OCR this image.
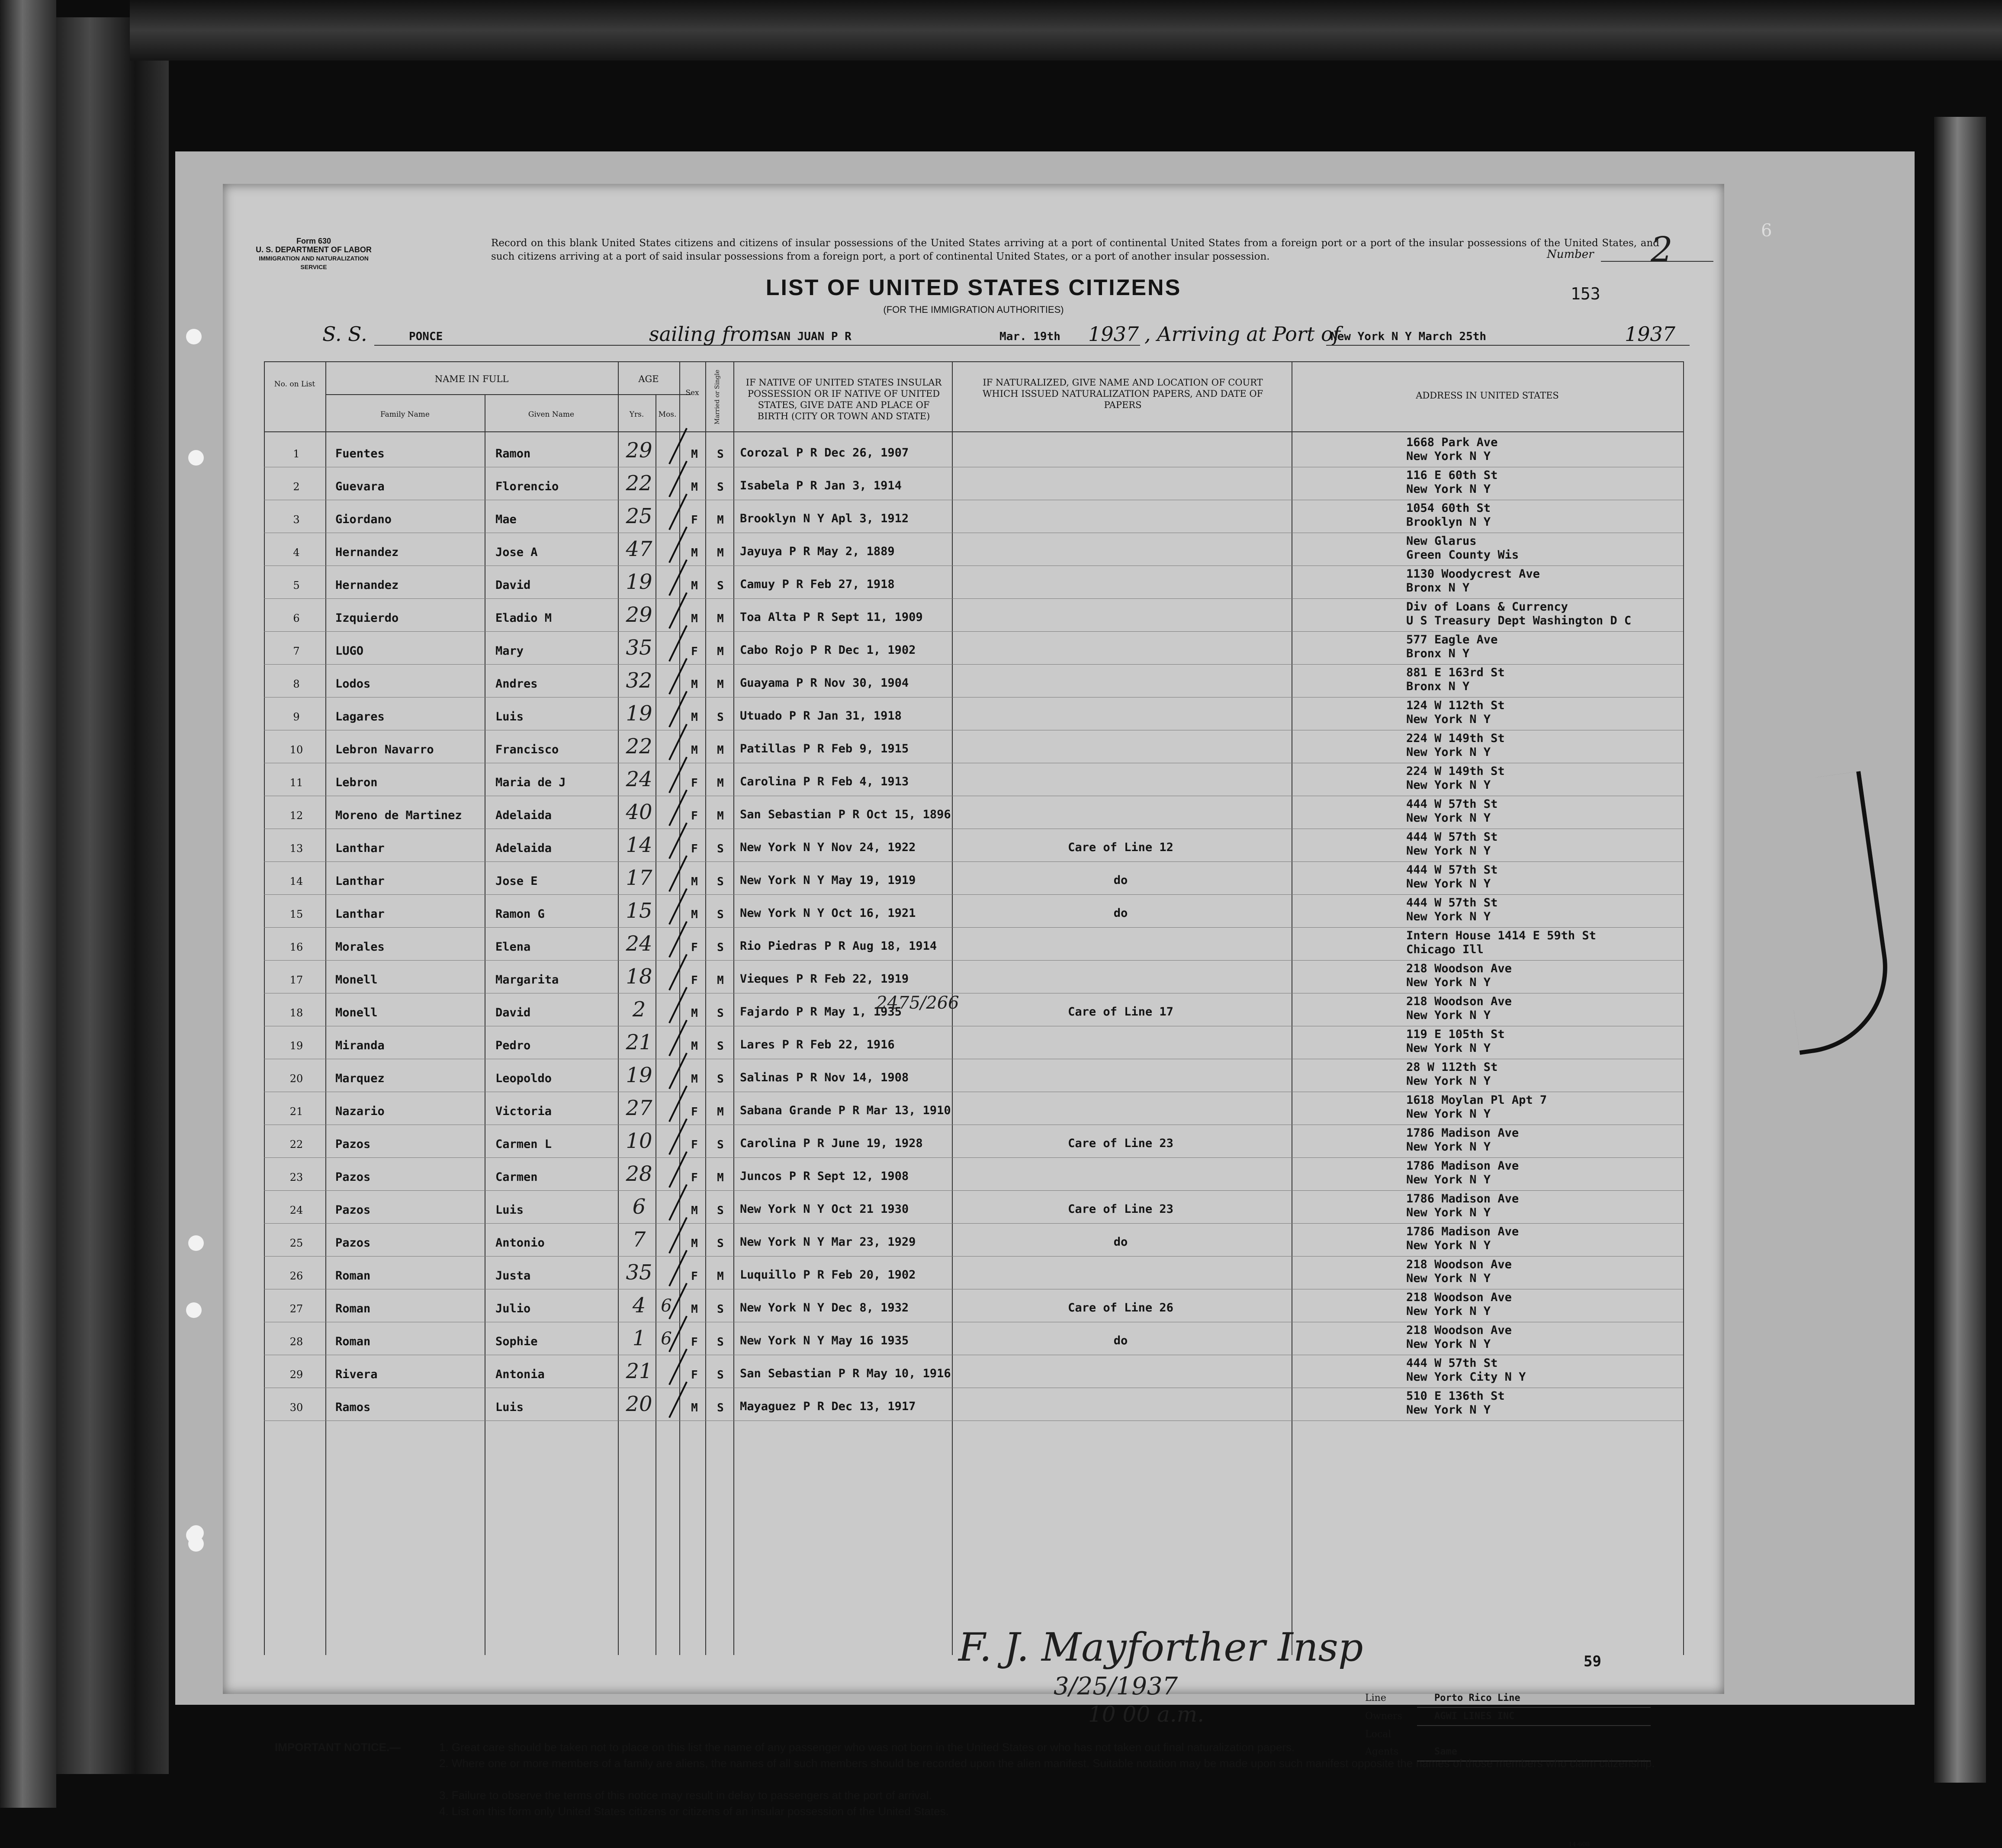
6
Form 630
U. S. DEPARTMENT OF LABOR
IMMIGRATION AND NATURALIZATION SERVICE
Record on this blank United States citizens and citizens of insular possessions of the United States arriving at a port of continental United States from a foreign port or a port of the insular possessions of the United States, and such citizens arriving at a port of said insular possessions from a foreign port, a port of continental United States, or a port of another insular possession.	Number 2
153
LIST OF UNITED STATES CITIZENS
(FOR THE IMMIGRATION AUTHORITIES)
S. S.	PONCE	sailing from SAN JUAN P R	Mar. 19th 1937 , Arriving at Port of
New York N Y March 25th	1937
No. on List	NAME IN FULL
Family Name	Given Name
AGE
Yrs.	Mos.
Sex	Married or Single	IF NATIVE OF UNITED STATES INSULAR POSSESSION OR IF NATIVE OF UNITED STATES, GIVE DATE AND PLACE OF BIRTH (CITY OR TOWN AND STATE)
IF NATURALIZED, GIVE NAME AND LOCATION OF COURT WHICH ISSUED NATURALIZATION PAPERS, AND DATE OF PAPERS
ADDRESS IN UNITED STATES
1	Fuentes	Ramon	29	M	S	Corozal P R Dec 26, 1907
1668 Park Ave
New York N Y
2	Guevara	Florencio	22	M	S	Isabela P R Jan 3, 1914
116 E 60th St
New York N Y
3	Giordano	Mae	25	F	M	Brooklyn N Y Apl 3, 1912
1054 60th St
Brooklyn N Y
4	Hernandez	Jose A	47	M	M	Jayuya P R May 2, 1889
New Glarus
Green County Wis
5	Hernandez	David	19	M	S	Camuy P R Feb 27, 1918
1130 Woodycrest Ave
Bronx N Y
6	Izquierdo	Eladio M	29	M	M	Toa Alta P R Sept 11, 1909
Div of Loans & Currency
U S Treasury Dept Washington D C
7	LUGO	Mary	35	F	M	Cabo Rojo P R Dec 1, 1902
577 Eagle Ave
Bronx N Y
8	Lodos	Andres	32	M	M	Guayama P R Nov 30, 1904
881 E 163rd St
Bronx N Y
9	Lagares	Luis	19	M	S	Utuado P R Jan 31, 1918
124 W 112th St
New York N Y
10	Lebron Navarro	Francisco	22	M	M	Patillas P R Feb 9, 1915
224 W 149th St
New York N Y
11	Lebron	Maria de J	24	F	M	Carolina P R Feb 4, 1913
224 W 149th St
New York N Y
12	Moreno de Martinez	Adelaida	40	F	M	San Sebastian P R Oct 15, 1896
444 W 57th St
New York N Y
13	Lanthar	Adelaida	14	F	S	New York N Y Nov 24, 1922	Care of Line 12
444 W 57th St
New York N Y
14	Lanthar	Jose E	17	M	S	New York N Y May 19, 1919	do
444 W 57th St
New York N Y
15	Lanthar	Ramon G	15	M	S	New York N Y Oct 16, 1921	do
444 W 57th St
New York N Y
16	Morales	Elena	24	F	S	Rio Piedras P R Aug 18, 1914
Intern House 1414 E 59th St
Chicago Ill
17	Monell	Margarita	18	F	M	Vieques P R Feb 22, 1919
218 Woodson Ave
New York N Y
18	Monell	David	2	M	S	Fajardo P R May 1, 1935	Care of Line 17
218 Woodson Ave
New York N Y
19	Miranda	Pedro	21	M	S	Lares P R Feb 22, 1916
119 E 105th St
New York N Y
20	Marquez	Leopoldo	19	M	S	Salinas P R Nov 14, 1908
28 W 112th St
New York N Y
21	Nazario	Victoria	27	F	M	Sabana Grande P R Mar 13, 1910
1618 Moylan Pl Apt 7
New York N Y
22	Pazos	Carmen L	10	F	S	Carolina P R June 19, 1928	Care of Line 23
1786 Madison Ave
New York N Y
23	Pazos	Carmen	28	F	M	Juncos P R Sept 12, 1908
1786 Madison Ave
New York N Y
24	Pazos	Luis	6	M	S	New York N Y Oct 21 1930	Care of Line 23
1786 Madison Ave
New York N Y
25	Pazos	Antonio	7	M	S	New York N Y Mar 23, 1929	do
1786 Madison Ave
New York N Y
26	Roman	Justa	35	F	M	Luquillo P R Feb 20, 1902
218 Woodson Ave
New York N Y
27	Roman	Julio	4 6	M	S	New York N Y Dec 8, 1932	Care of Line 26
218 Woodson Ave
New York N Y
28	Roman	Sophie	1 6	F	S	New York N Y May 16 1935	do
218 Woodson Ave
New York N Y
29	Rivera	Antonia	21	F	S	San Sebastian P R May 10, 1916
444 W 57th St
New York City N Y
30	Ramos	Luis	20	M	S	Mayaguez P R Dec 13, 1917
510 E 136th St
New York N Y
2475/266
F. J. Mayforther Insp
3/25/1937
10 00 a.m.
59
Line	Porto Rico Line
Owners	AGWI LINES INC
Local Agents	Same
IMPORTANT NOTICE.—	1. Great care should be taken not to place on this list the name of any passenger who was not born in the United States or who has not taken out final naturalization papers.
2. Where one or more members of a family are aliens, the names of all such members should be recorded upon the alien manifest. Suitable notation may be made upon such manifest opposite the names of those members who claim citizenship.
3. Failure to observe the terms of this notice may result in delay to passengers at the port of arrival.
4. List on this form only United States citizens or citizens of an insular possession of the United States.
14-608
